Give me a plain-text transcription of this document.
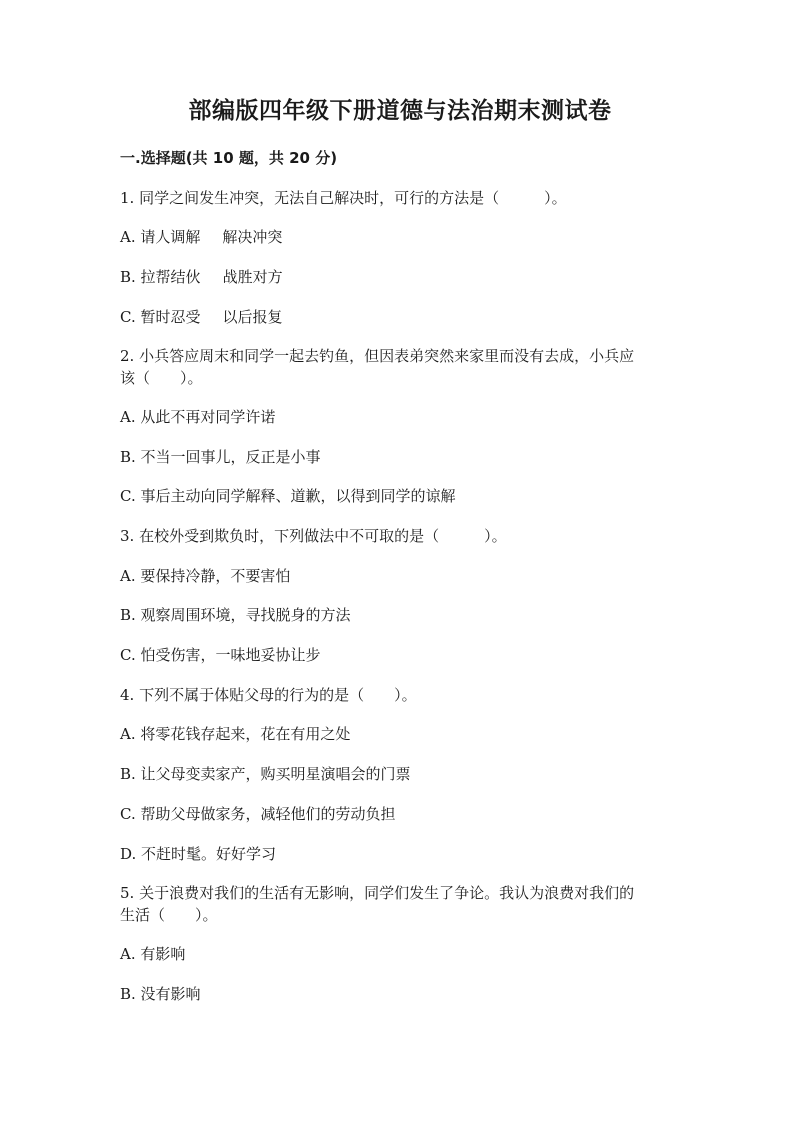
部编版四年级下册道德与法治期末测试卷
一.选择题(共 10 题，共 20 分)
1. 同学之间发生冲突，无法自己解决时，可行的方法是（　　　）。
A. 请人调解 解决冲突
B. 拉帮结伙 战胜对方
C. 暂时忍受 以后报复
2. 小兵答应周末和同学一起去钓鱼，但因表弟突然来家里而没有去成，小兵应
该（　　）。
A. 从此不再对同学许诺
B. 不当一回事儿，反正是小事
C. 事后主动向同学解释、道歉，以得到同学的谅解
3. 在校外受到欺负时，下列做法中不可取的是（　　　）。
A. 要保持冷静，不要害怕
B. 观察周围环境，寻找脱身的方法
C. 怕受伤害，一味地妥协让步
4. 下列不属于体贴父母的行为的是（　　）。
A. 将零花钱存起来，花在有用之处
B. 让父母变卖家产，购买明星演唱会的门票
C. 帮助父母做家务，减轻他们的劳动负担
D. 不赶时髦。好好学习
5. 关于浪费对我们的生活有无影响，同学们发生了争论。我认为浪费对我们的
生活（　　）。
A. 有影响
B. 没有影响
